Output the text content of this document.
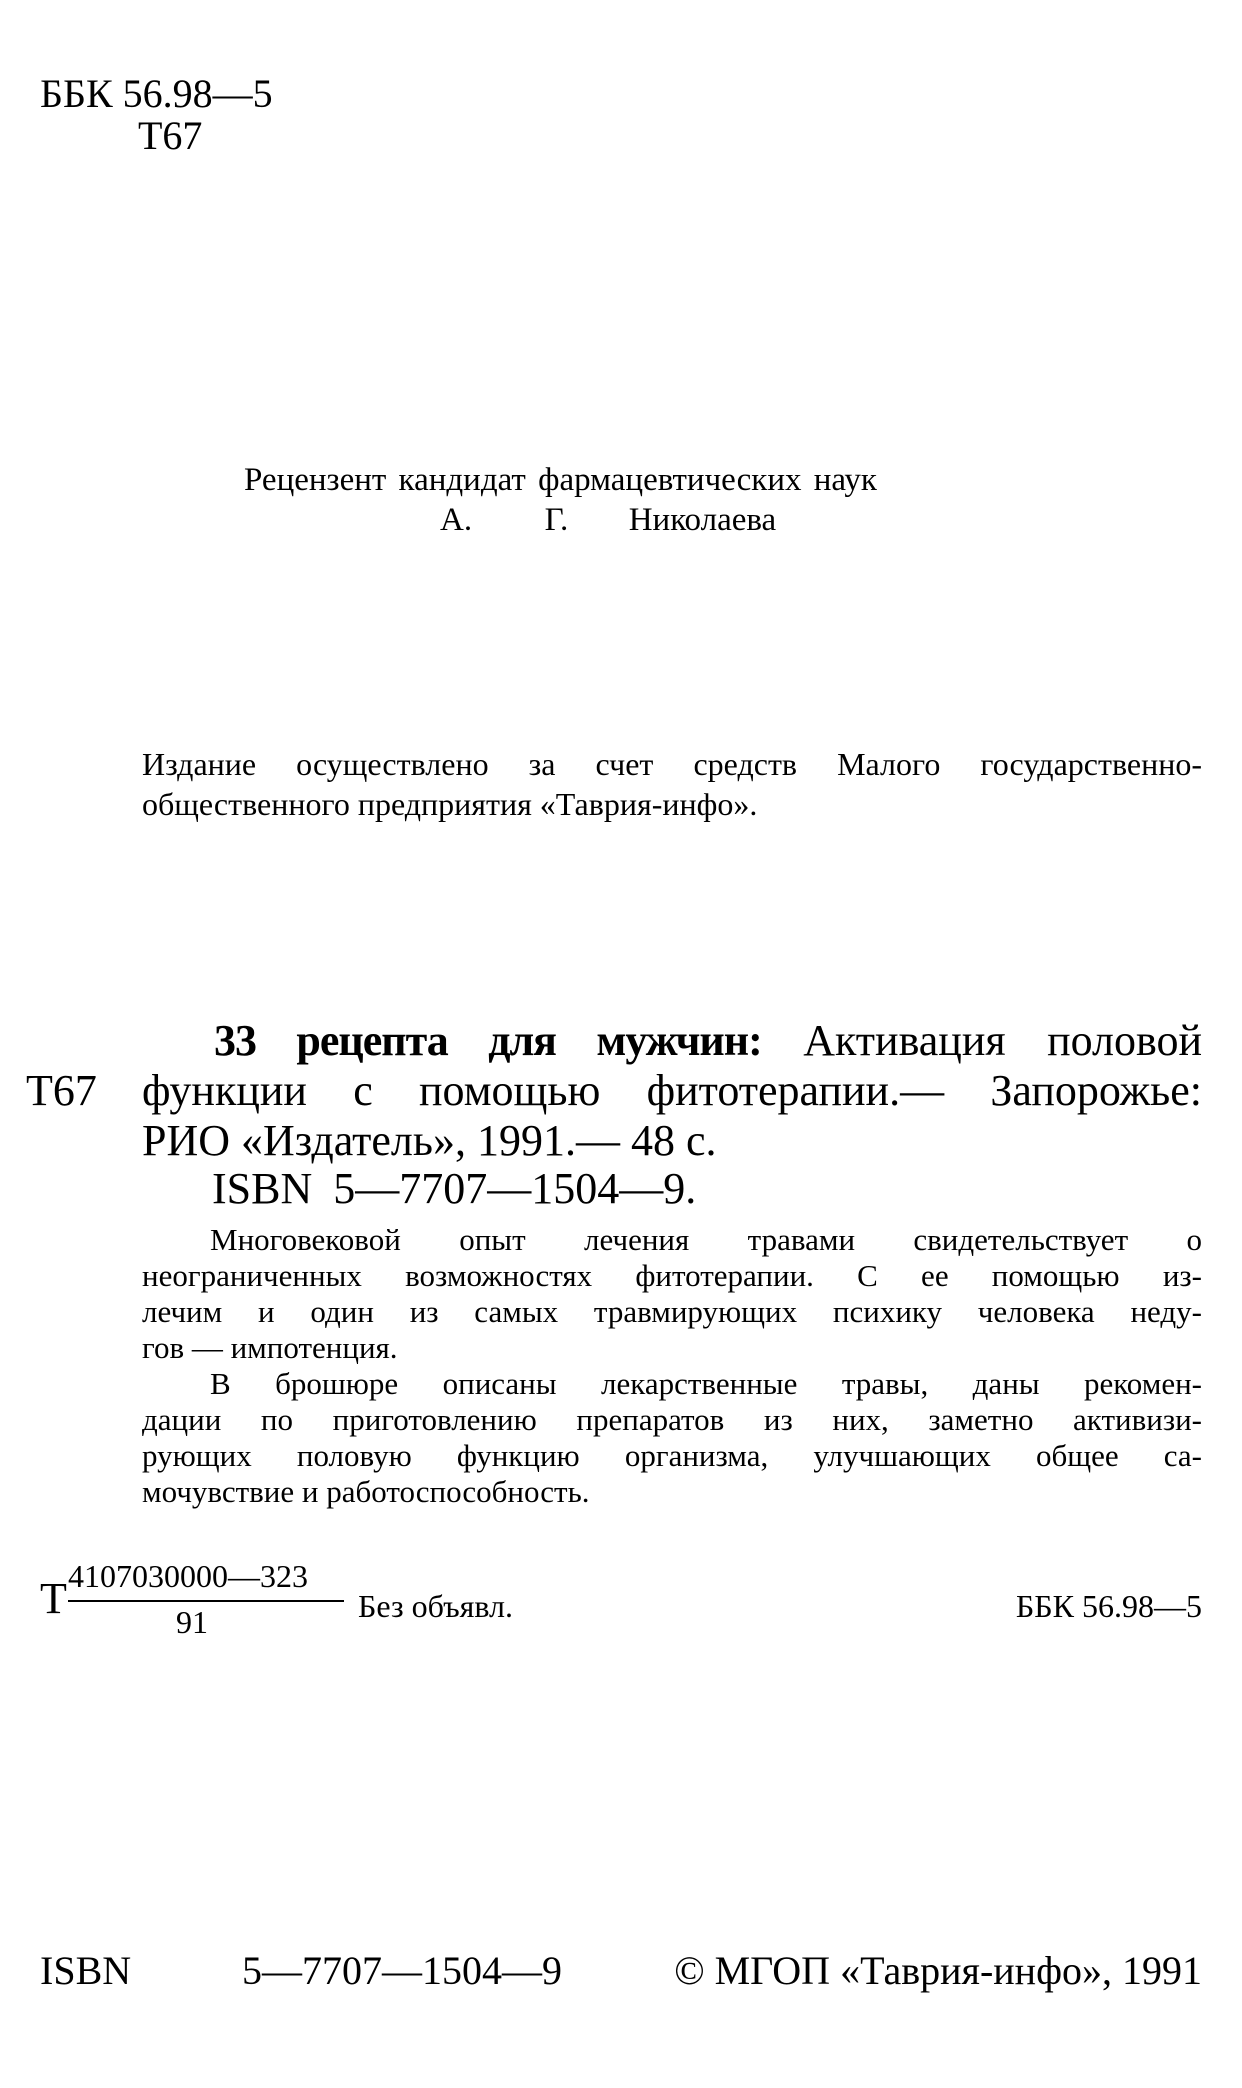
ББК 56.98—5
Т67
Рецензент кандидат фармацевтических наук
А. Г. Николаева
Издание осуществлено за счет средств Малого государственно-
общественного предприятия «Таврия-инфо».
Т67
33 рецепта для мужчин: Активация половой
функции с помощью фитотерапии.— Запорожье:
РИО «Издатель», 1991.— 48 с.
ISBN 5—7707—1504—9.
Многовековой опыт лечения травами свидетельствует о
неограниченных возможностях фитотерапии. С ее помощью из-
лечим и один из самых травмирующих психику человека неду-
гов — импотенция.
В брошюре описаны лекарственные травы, даны рекомен-
дации по приготовлению препаратов из них, заметно активизи-
рующих половую функцию организма, улучшающих общее са-
мочувствие и работоспособность.
Т 4107030000—323
91	Без объявл.	ББК 56.98—5
ISBN	5—7707—1504—9	© МГОП «Таврия-инфо», 1991
